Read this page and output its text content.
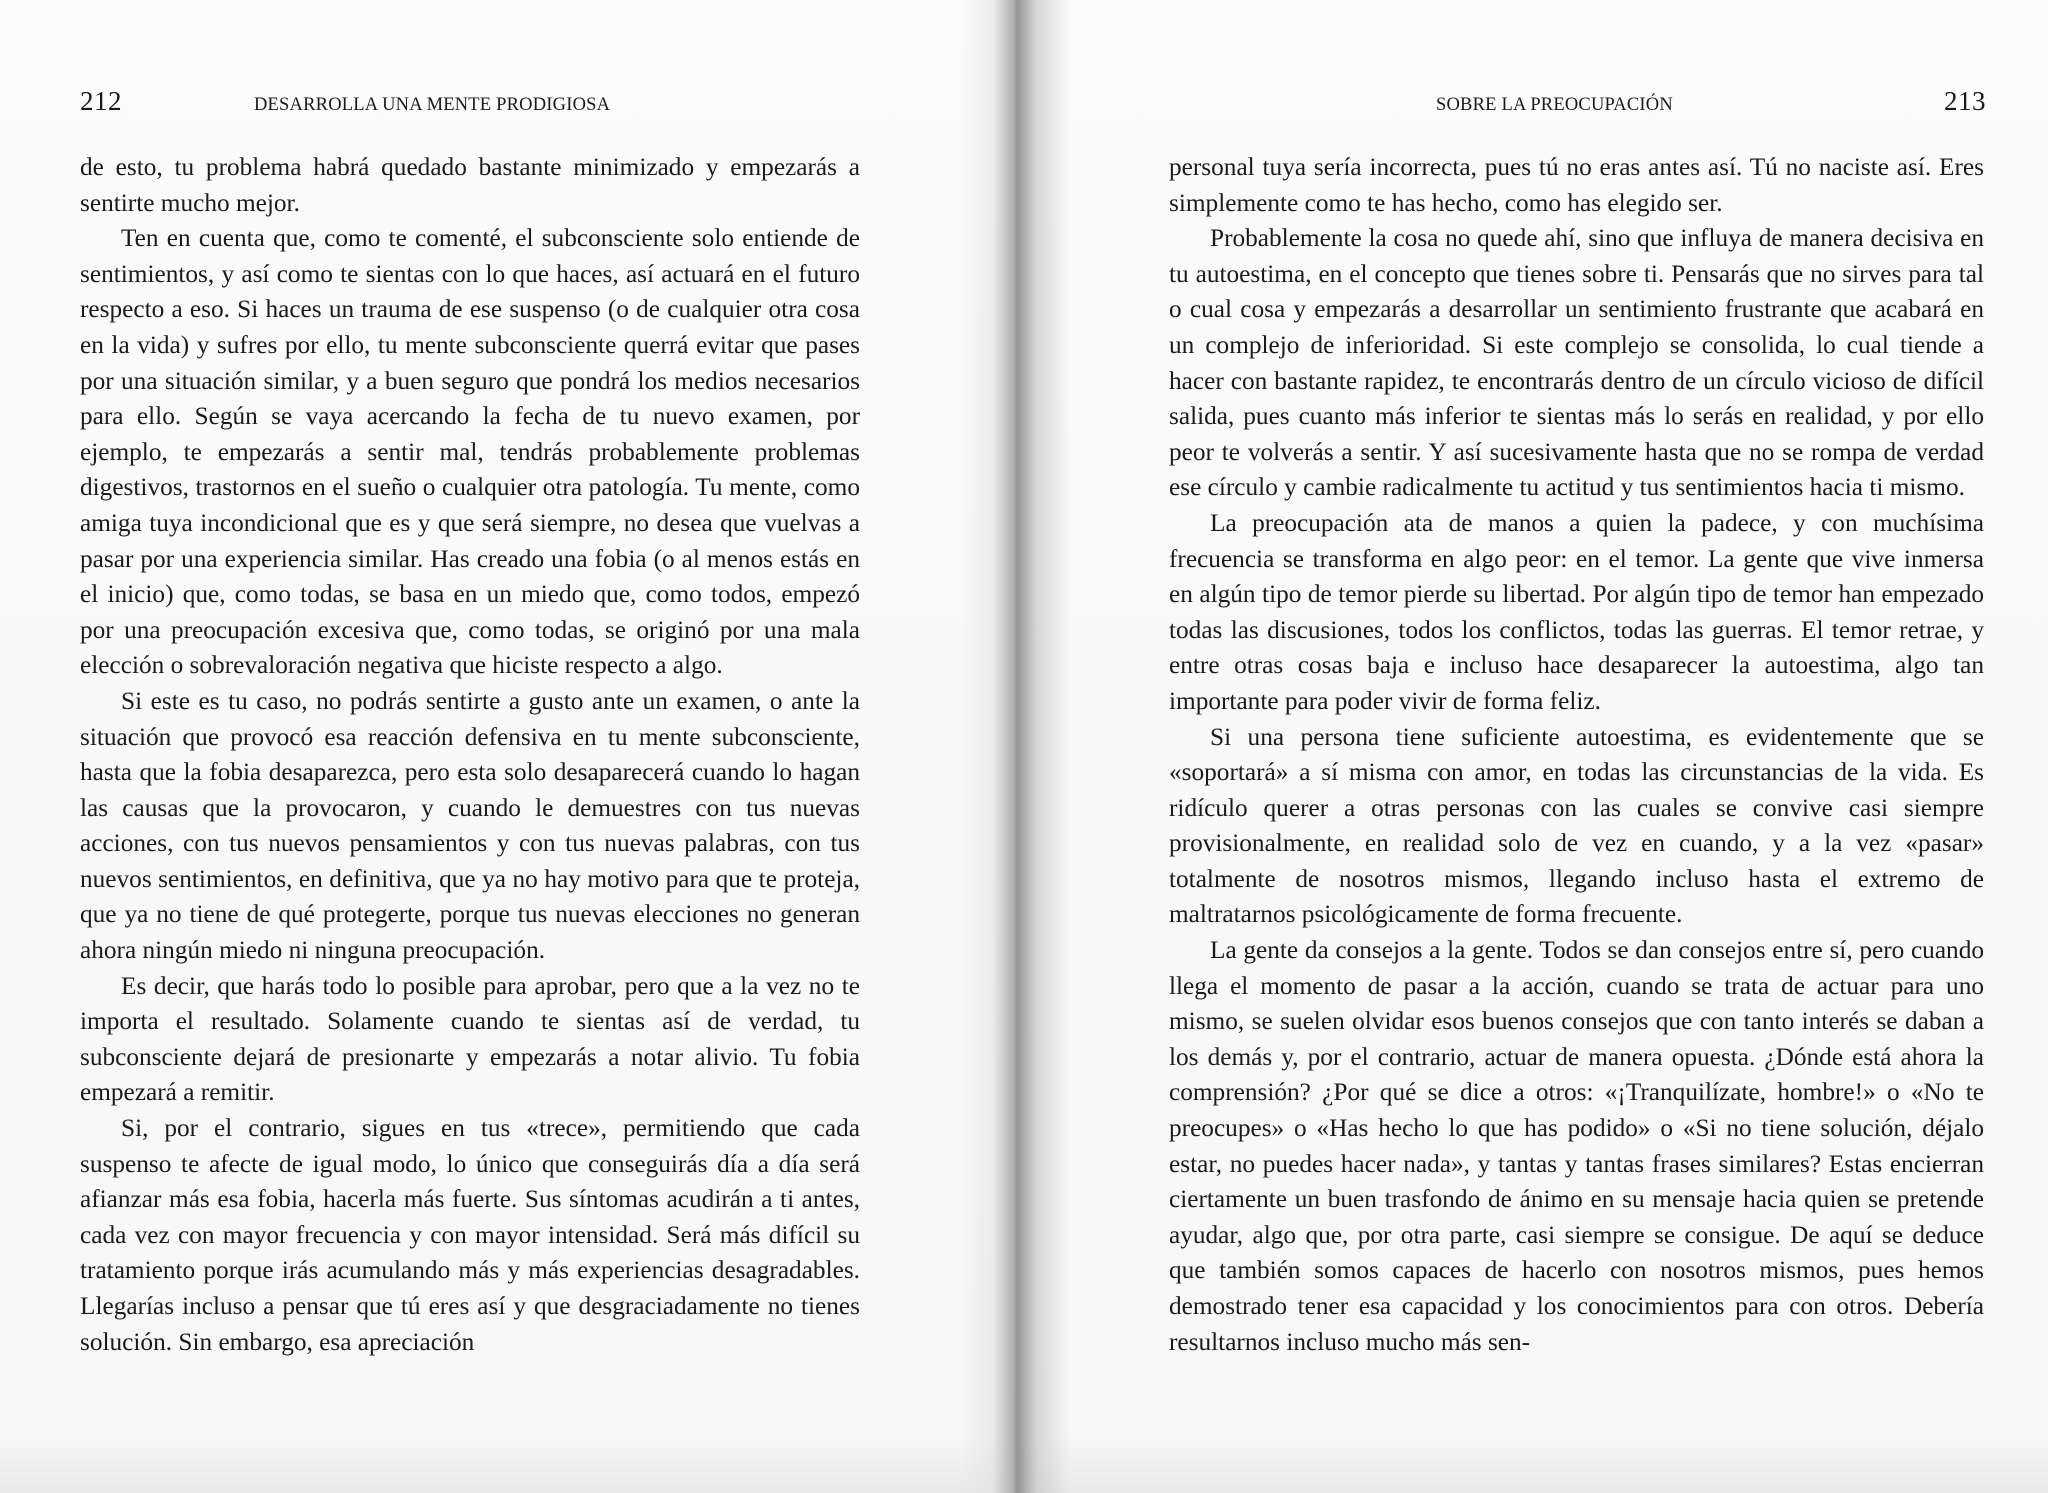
212	DESARROLLA UNA MENTE PRODIGIOSA

de esto, tu problema habrá quedado bastante minimizado y empezarás a sentirte mucho mejor.

Ten en cuenta que, como te comenté, el subconsciente solo entiende de sentimientos, y así como te sientas con lo que haces, así actuará en el futuro respecto a eso. Si haces un trauma de ese suspenso (o de cualquier otra cosa en la vida) y sufres por ello, tu mente subconsciente querrá evitar que pases por una situación similar, y a buen seguro que pondrá los medios necesarios para ello. Según se vaya acercando la fecha de tu nuevo examen, por ejemplo, te empezarás a sentir mal, tendrás probablemente problemas digestivos, trastornos en el sueño o cualquier otra patología. Tu mente, como amiga tuya incondicional que es y que será siempre, no desea que vuelvas a pasar por una experiencia similar. Has creado una fobia (o al menos estás en el inicio) que, como todas, se basa en un miedo que, como todos, empezó por una preocupación excesiva que, como todas, se originó por una mala elección o sobrevaloración negativa que hiciste respecto a algo.

Si este es tu caso, no podrás sentirte a gusto ante un examen, o ante la situación que provocó esa reacción defensiva en tu mente subconsciente, hasta que la fobia desaparezca, pero esta solo desaparecerá cuando lo hagan las causas que la provocaron, y cuando le demuestres con tus nuevas acciones, con tus nuevos pensamientos y con tus nuevas palabras, con tus nuevos sentimientos, en definitiva, que ya no hay motivo para que te proteja, que ya no tiene de qué protegerte, porque tus nuevas elecciones no generan ahora ningún miedo ni ninguna preocupación.

Es decir, que harás todo lo posible para aprobar, pero que a la vez no te importa el resultado. Solamente cuando te sientas así de verdad, tu subconsciente dejará de presionarte y empezarás a notar alivio. Tu fobia empezará a remitir.

Si, por el contrario, sigues en tus «trece», permitiendo que cada suspenso te afecte de igual modo, lo único que conseguirás día a día será afianzar más esa fobia, hacerla más fuerte. Sus síntomas acudirán a ti antes, cada vez con mayor frecuencia y con mayor intensidad. Será más difícil su tratamiento porque irás acumulando más y más experiencias desagradables. Llegarías incluso a pensar que tú eres así y que desgraciadamente no tienes solución. Sin embargo, esa apreciación

SOBRE LA PREOCUPACIÓN	213

personal tuya sería incorrecta, pues tú no eras antes así. Tú no naciste así. Eres simplemente como te has hecho, como has elegido ser.

Probablemente la cosa no quede ahí, sino que influya de manera decisiva en tu autoestima, en el concepto que tienes sobre ti. Pensarás que no sirves para tal o cual cosa y empezarás a desarrollar un sentimiento frustrante que acabará en un complejo de inferioridad. Si este complejo se consolida, lo cual tiende a hacer con bastante rapidez, te encontrarás dentro de un círculo vicioso de difícil salida, pues cuanto más inferior te sientas más lo serás en realidad, y por ello peor te volverás a sentir. Y así sucesivamente hasta que no se rompa de verdad ese círculo y cambie radicalmente tu actitud y tus sentimientos hacia ti mismo.

La preocupación ata de manos a quien la padece, y con muchísima frecuencia se transforma en algo peor: en el temor. La gente que vive inmersa en algún tipo de temor pierde su libertad. Por algún tipo de temor han empezado todas las discusiones, todos los conflictos, todas las guerras. El temor retrae, y entre otras cosas baja e incluso hace desaparecer la autoestima, algo tan importante para poder vivir de forma feliz.

Si una persona tiene suficiente autoestima, es evidentemente que se «soportará» a sí misma con amor, en todas las circunstancias de la vida. Es ridículo querer a otras personas con las cuales se convive casi siempre provisionalmente, en realidad solo de vez en cuando, y a la vez «pasar» totalmente de nosotros mismos, llegando incluso hasta el extremo de maltratarnos psicológicamente de forma frecuente.

La gente da consejos a la gente. Todos se dan consejos entre sí, pero cuando llega el momento de pasar a la acción, cuando se trata de actuar para uno mismo, se suelen olvidar esos buenos consejos que con tanto interés se daban a los demás y, por el contrario, actuar de manera opuesta. ¿Dónde está ahora la comprensión? ¿Por qué se dice a otros: «¡Tranquilízate, hombre!» o «No te preocupes» o «Has hecho lo que has podido» o «Si no tiene solución, déjalo estar, no puedes hacer nada», y tantas y tantas frases similares? Estas encierran ciertamente un buen trasfondo de ánimo en su mensaje hacia quien se pretende ayudar, algo que, por otra parte, casi siempre se consigue. De aquí se deduce que también somos capaces de hacerlo con nosotros mismos, pues hemos demostrado tener esa capacidad y los conocimientos para con otros. Debería resultarnos incluso mucho más sen-
